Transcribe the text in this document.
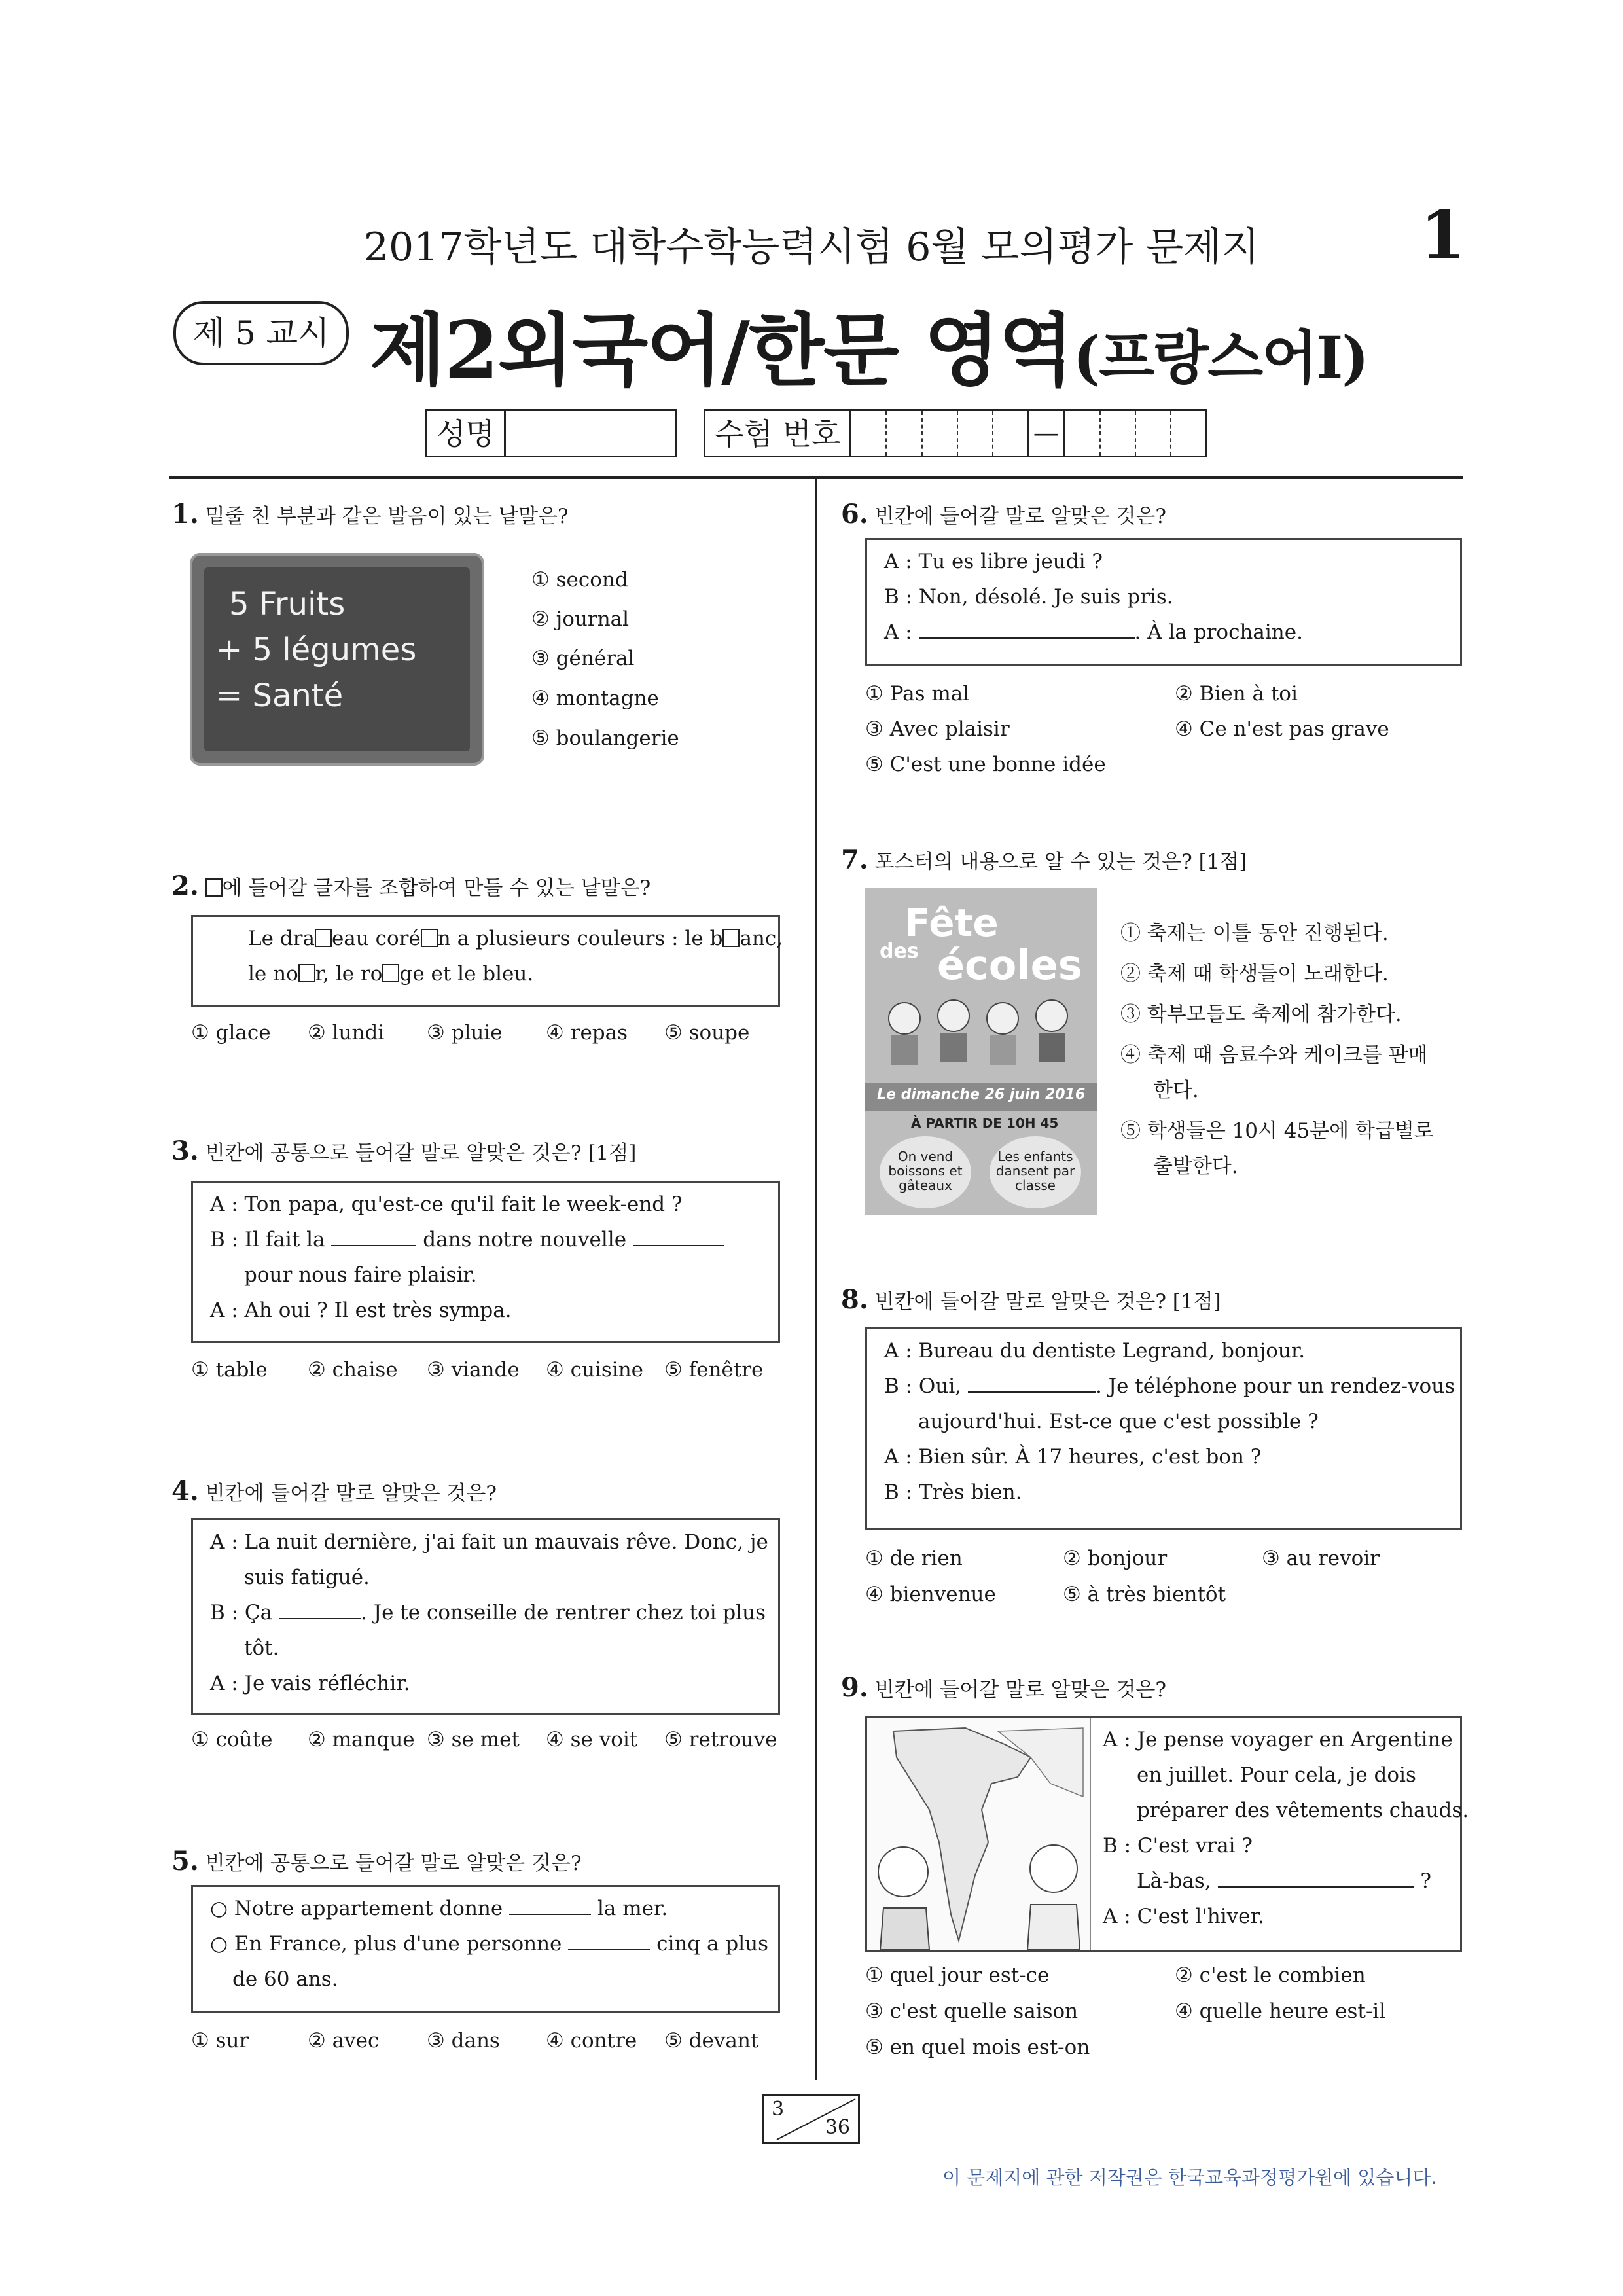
2017학년도 대학수학능력시험 6월 모의평가 문제지	1
제 5 교시 제2외국어/한문 영역(프랑스어Ⅰ)
성명	수험 번호	—
1. 밑줄 친 부분과 같은 발음이 있는 낱말은?
5 Fruits
+ 5 légumes
= Santé
① second
② journal
③ général
④ montagne
⑤ boulangerie
2. 에 들어갈 글자를 조합하여 만들 수 있는 낱말은?
Le dra eau coré n a plusieurs couleurs : le b anc,
le no r, le ro ge et le bleu.
① glace ② lundi ③ pluie ④ repas ⑤ soupe
3. 빈칸에 공통으로 들어갈 말로 알맞은 것은? [1점]
A : Ton papa, qu'est-ce qu'il fait le week-end ?
B : Il fait la	dans notre nouvelle
pour nous faire plaisir.
A : Ah oui ? Il est très sympa.
① table ② chaise ③ viande ④ cuisine ⑤ fenêtre
4. 빈칸에 들어갈 말로 알맞은 것은?
A : La nuit dernière, j'ai fait un mauvais rêve. Donc, je
suis fatigué.
B : Ça	. Je te conseille de rentrer chez toi plus
tôt.
A : Je vais réfléchir.
① coûte ② manque ③ se met ④ se voit ⑤ retrouve
5. 빈칸에 공통으로 들어갈 말로 알맞은 것은?
○ Notre appartement donne	la mer.
○ En France, plus d'une personne	cinq a plus
de 60 ans.
① sur	② avec ③ dans ④ contre ⑤ devant
6. 빈칸에 들어갈 말로 알맞은 것은?
A : Tu es libre jeudi ?
B : Non, désolé. Je suis pris.
A :	. À la prochaine.
① Pas mal	② Bien à toi
③ Avec plaisir	④ Ce n'est pas grave
⑤ C'est une bonne idée
7. 포스터의 내용으로 알 수 있는 것은? [1점]
Fête
des écoles
Le dimanche 26 juin 2016
À PARTIR DE 10H 45
On vend boissons et gâteaux
Les enfants dansent par classe
① 축제는 이틀 동안 진행된다.
② 축제 때 학생들이 노래한다.
③ 학부모들도 축제에 참가한다.
④ 축제 때 음료수와 케이크를 판매
한다.
⑤ 학생들은 10시 45분에 학급별로
출발한다.
8. 빈칸에 들어갈 말로 알맞은 것은? [1점]
A : Bureau du dentiste Legrand, bonjour.
B : Oui,	. Je téléphone pour un rendez-vous
aujourd'hui. Est-ce que c'est possible ?
A : Bien sûr. À 17 heures, c'est bon ?
B : Très bien.
① de rien	② bonjour	③ au revoir
④ bienvenue	⑤ à très bientôt
9. 빈칸에 들어갈 말로 알맞은 것은?
A : Je pense voyager en Argentine
en juillet. Pour cela, je dois
préparer des vêtements chauds.
B : C'est vrai ?
Là-bas,	?
A : C'est l'hiver.
① quel jour est-ce	② c'est le combien
③ c'est quelle saison	④ quelle heure est-il
⑤ en quel mois est-on
3
36
이 문제지에 관한 저작권은 한국교육과정평가원에 있습니다.
